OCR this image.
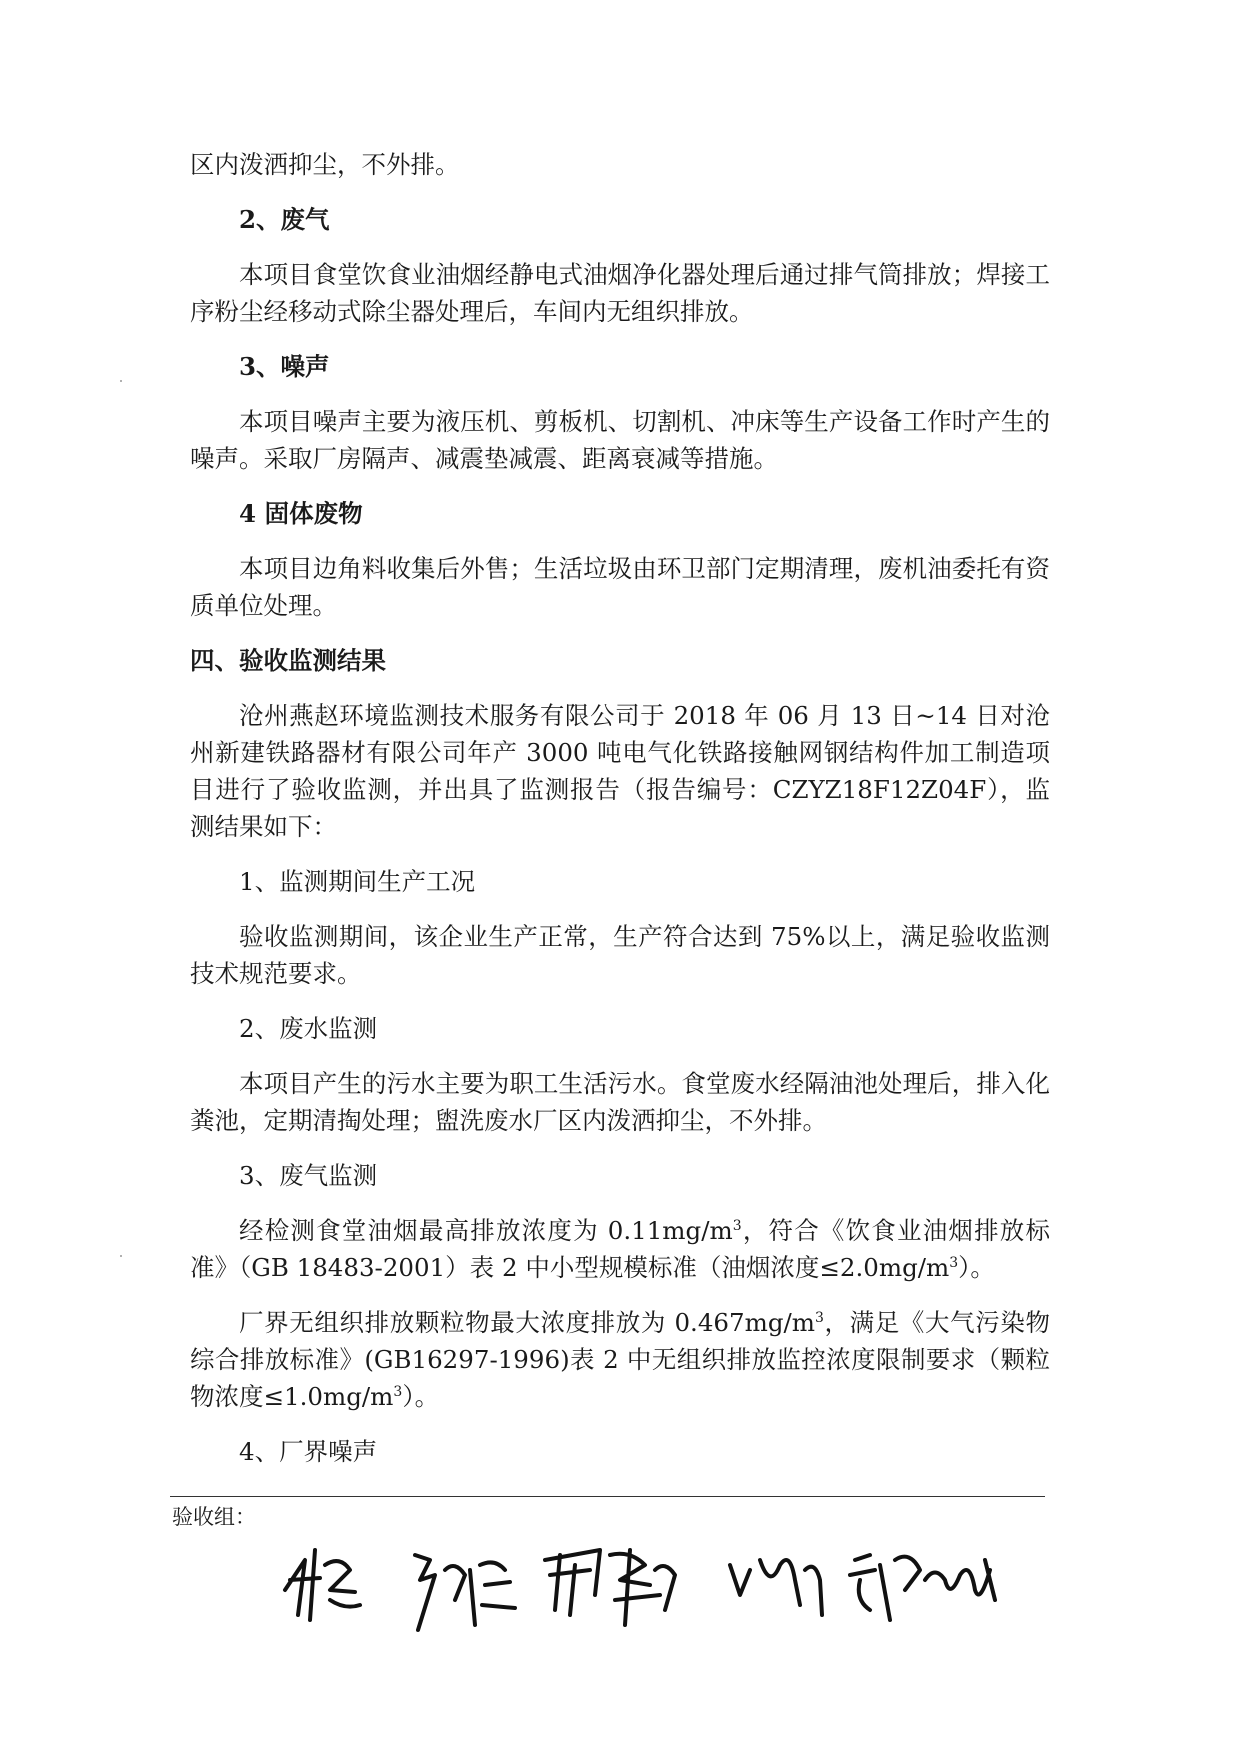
区内泼洒抑尘，不外排。

2、废气

本项目食堂饮食业油烟经静电式油烟净化器处理后通过排气筒排放；焊接工序粉尘经移动式除尘器处理后，车间内无组织排放。

3、噪声

本项目噪声主要为液压机、剪板机、切割机、冲床等生产设备工作时产生的噪声。采取厂房隔声、减震垫减震、距离衰减等措施。

4 固体废物

本项目边角料收集后外售；生活垃圾由环卫部门定期清理，废机油委托有资质单位处理。

四、验收监测结果

沧州燕赵环境监测技术服务有限公司于 2018 年 06 月 13 日~14 日对沧州新建铁路器材有限公司年产 3000 吨电气化铁路接触网钢结构件加工制造项目进行了验收监测，并出具了监测报告（报告编号：CZYZ18F12Z04F），监测结果如下：

1、监测期间生产工况

验收监测期间，该企业生产正常，生产符合达到 75%以上，满足验收监测技术规范要求。

2、废水监测

本项目产生的污水主要为职工生活污水。食堂废水经隔油池处理后，排入化粪池，定期清掏处理；盥洗废水厂区内泼洒抑尘，不外排。

3、废气监测

经检测食堂油烟最高排放浓度为 $0.11mg/m^3$，符合《饮食业油烟排放标准》（GB 18483-2001）表 2 中小型规模标准（油烟浓度$\le 2.0mg/m^3$）。

厂界无组织排放颗粒物最大浓度排放为 $0.467mg/m^3$，满足《大气污染物综合排放标准》(GB16297-1996)表 2 中无组织排放监控浓度限制要求（颗粒物浓度$\le 1.0mg/m^3$）。

4、厂界噪声

验收组：
